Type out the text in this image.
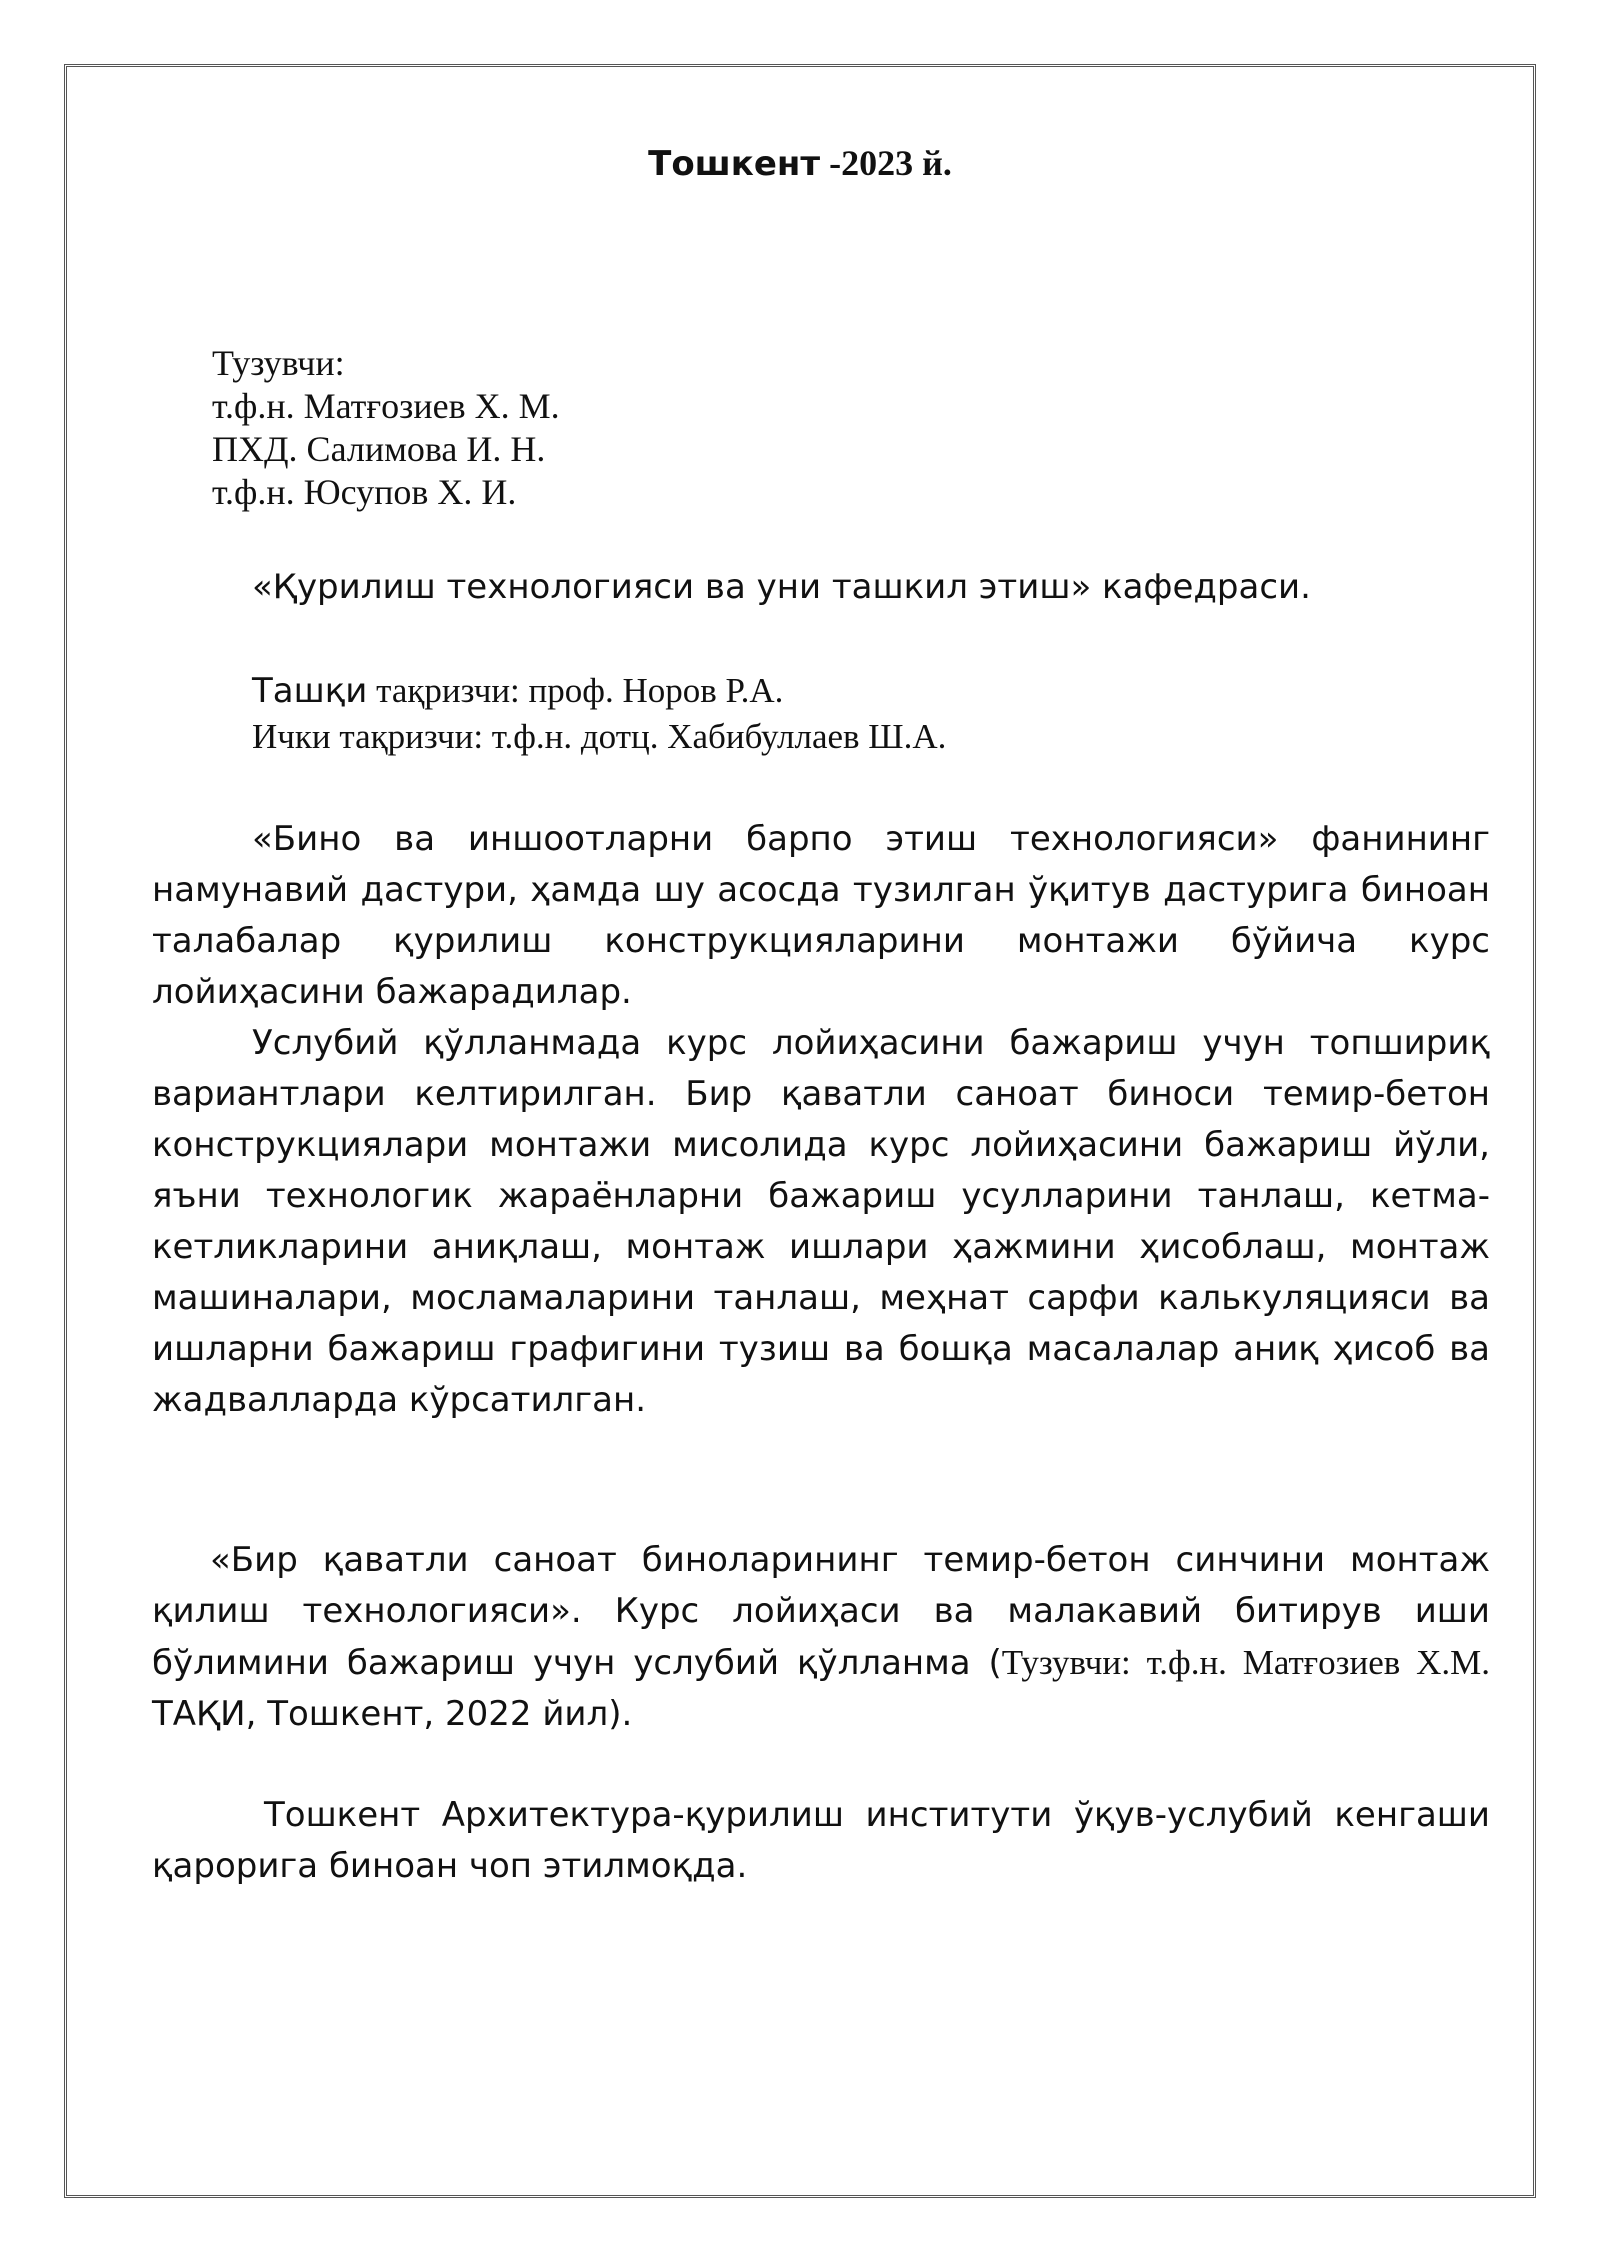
Тошкент -2023 й.
Тузувчи:
т.ф.н. Матғозиев Х. М.
ПХД. Салимова И. Н.
т.ф.н. Юсупов Х. И.
«Қурилиш технологияси ва уни ташкил этиш» кафедраси.
Ташқи тақризчи: проф. Норов Р.А.
Ички тақризчи: т.ф.н. дотц. Хабибуллаев Ш.А.
«Бино ва иншоотларни барпо этиш технологияси» фанининг намунавий дастури, ҳамда шу асосда тузилган ўқитув дастурига биноан талабалар қурилиш конструкцияларини монтажи бўйича курс лойиҳасини бажарадилар.
Услубий қўлланмада курс лойиҳасини бажариш учун топшириқ вариантлари келтирилган. Бир қаватли саноат биноси темир-бетон конструкциялари монтажи мисолида курс лойиҳасини бажариш йўли, яъни технологик жараёнларни бажариш усулларини танлаш, кетма-кетликларини аниқлаш, монтаж ишлари ҳажмини ҳисоблаш, монтаж машиналари, мосламаларини танлаш, меҳнат сарфи калькуляцияси ва ишларни бажариш графигини тузиш ва бошқа масалалар аниқ ҳисоб ва жадвалларда кўрсатилган.
«Бир қаватли саноат биноларининг темир-бетон синчини монтаж қилиш технологияси». Курс лойиҳаси ва малакавий битирув иши бўлимини бажариш учун услубий қўлланма (Тузувчи: т.ф.н. Матғозиев Х.М. ТАҚИ, Тошкент, 2022 йил).
Тошкент Архитектура-қурилиш институти ўқув-услубий кенгаши қарорига биноан чоп этилмоқда.
